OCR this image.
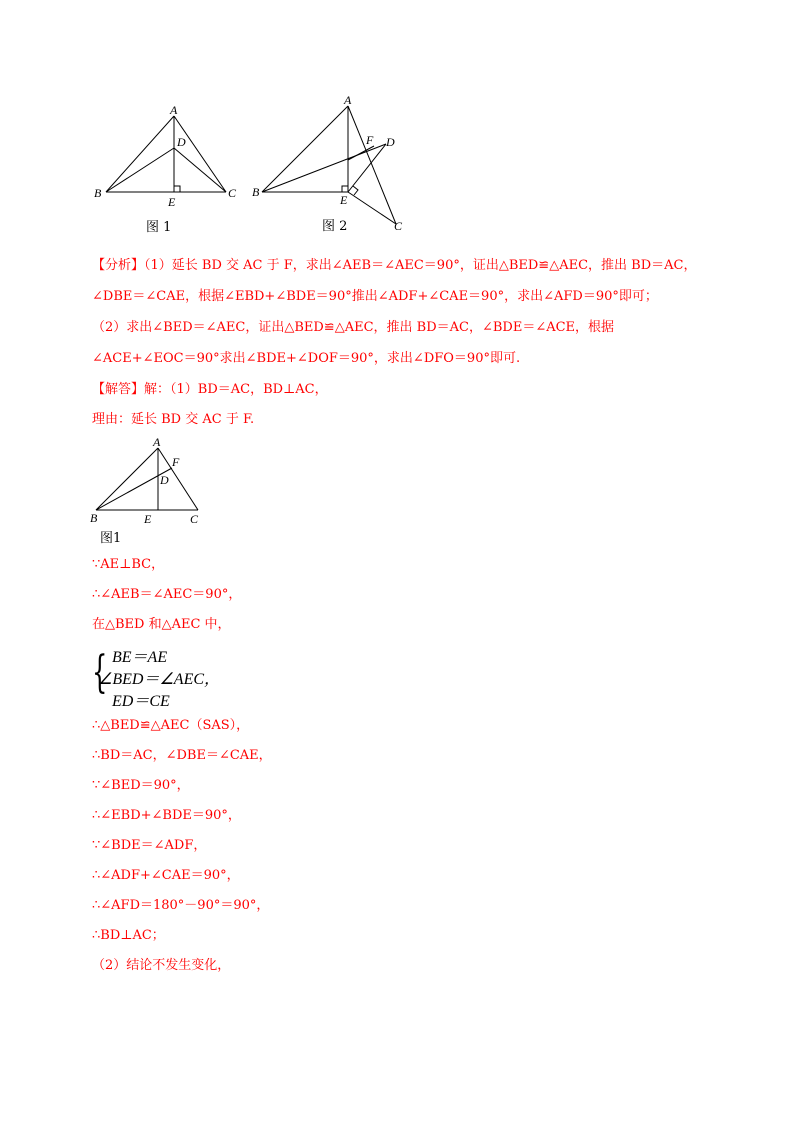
A
D
B
E
C
图 1
A
F D
B
E
C
图 2
【分析】（1）延长 BD 交 AC 于 F，求出∠AEB＝∠AEC＝90°，证出△BED≌△AEC，推出 BD＝AC，
∠DBE＝∠CAE，根据∠EBD+∠BDE＝90°推出∠ADF+∠CAE＝90°，求出∠AFD＝90°即可；
（2）求出∠BED＝∠AEC，证出△BED≌△AEC，推出 BD＝AC，∠BDE＝∠ACE，根据
∠ACE+∠EOC＝90°求出∠BDE+∠DOF＝90°，求出∠DFO＝90°即可.
【解答】解：（1）BD＝AC，BD⊥AC，
理由：延长 BD 交 AC 于 F.
A
F
D
B	E	C
图1
∵AE⊥BC，
∴∠AEB＝∠AEC＝90°，
在△BED 和△AEC 中，
{ BE＝AE
∠BED＝∠AEC，
ED＝CE
∴△BED≌△AEC（SAS），
∴BD＝AC，∠DBE＝∠CAE，
∵∠BED＝90°，
∴∠EBD+∠BDE＝90°，
∵∠BDE＝∠ADF，
∴∠ADF+∠CAE＝90°，
∴∠AFD＝180°－90°＝90°，
∴BD⊥AC；
（2）结论不发生变化，
